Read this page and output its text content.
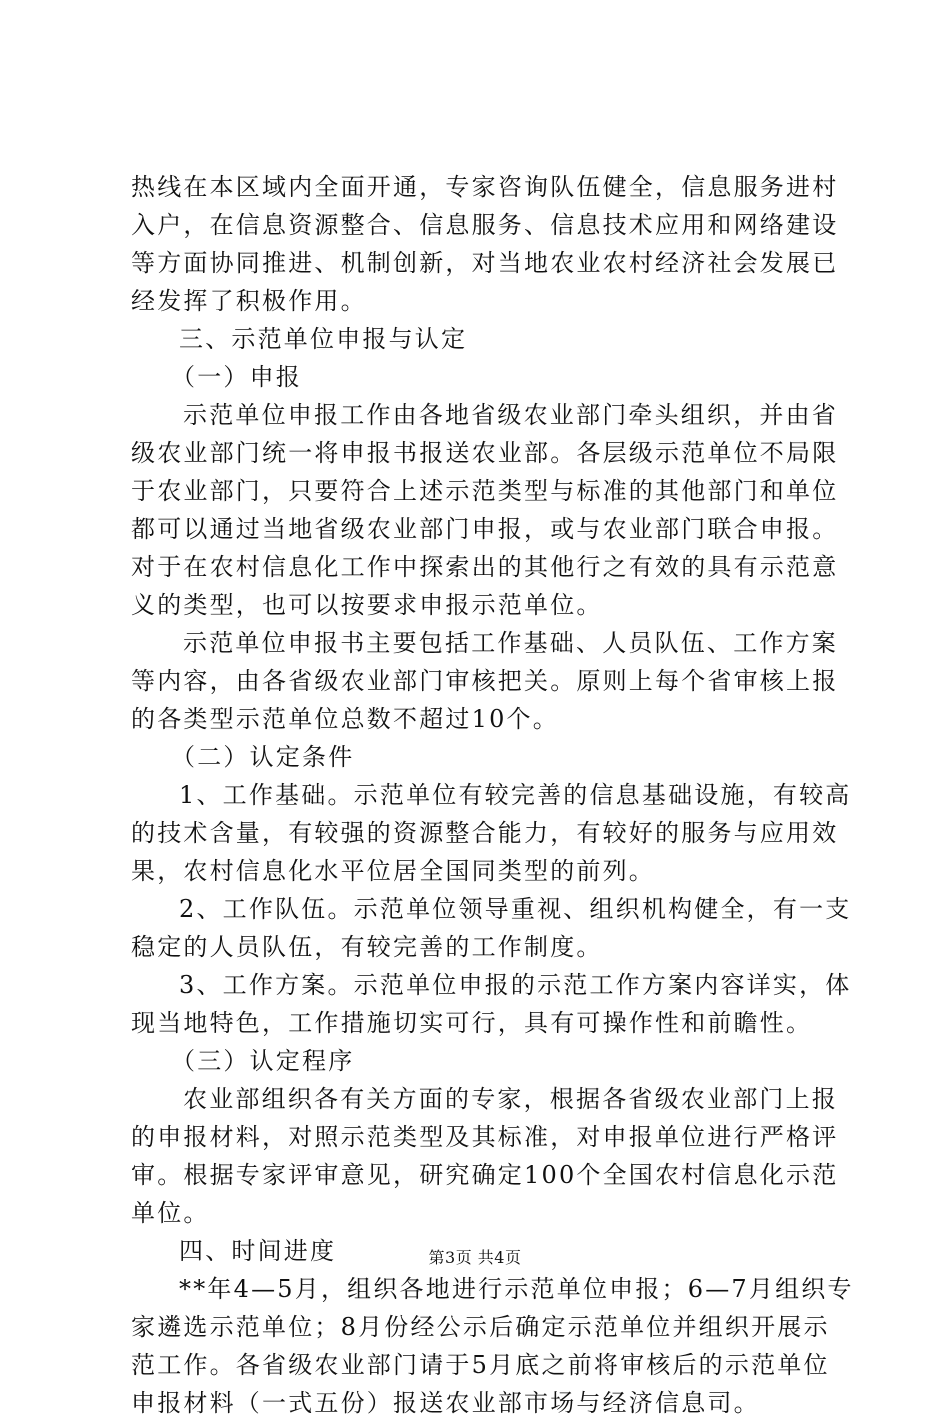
热线在本区域内全面开通，专家咨询队伍健全，信息服务进村
入户，在信息资源整合、信息服务、信息技术应用和网络建设
等方面协同推进、机制创新，对当地农业农村经济社会发展已
经发挥了积极作用。
三、示范单位申报与认定
（一）申报
示范单位申报工作由各地省级农业部门牵头组织，并由省
级农业部门统一将申报书报送农业部。各层级示范单位不局限
于农业部门，只要符合上述示范类型与标准的其他部门和单位
都可以通过当地省级农业部门申报，或与农业部门联合申报。
对于在农村信息化工作中探索出的其他行之有效的具有示范意
义的类型，也可以按要求申报示范单位。
示范单位申报书主要包括工作基础、人员队伍、工作方案
等内容，由各省级农业部门审核把关。原则上每个省审核上报
的各类型示范单位总数不超过10个。
（二）认定条件
1、工作基础。示范单位有较完善的信息基础设施，有较高
的技术含量，有较强的资源整合能力，有较好的服务与应用效
果，农村信息化水平位居全国同类型的前列。
2、工作队伍。示范单位领导重视、组织机构健全，有一支
稳定的人员队伍，有较完善的工作制度。
3、工作方案。示范单位申报的示范工作方案内容详实，体
现当地特色，工作措施切实可行，具有可操作性和前瞻性。
（三）认定程序
农业部组织各有关方面的专家，根据各省级农业部门上报
的申报材料，对照示范类型及其标准，对申报单位进行严格评
审。根据专家评审意见，研究确定100个全国农村信息化示范
单位。
四、时间进度
**年4—5月，组织各地进行示范单位申报；6—7月组织专
家遴选示范单位；8月份经公示后确定示范单位并组织开展示
范工作。各省级农业部门请于5月底之前将审核后的示范单位
申报材料（一式五份）报送农业部市场与经济信息司。
第3页 共4页
